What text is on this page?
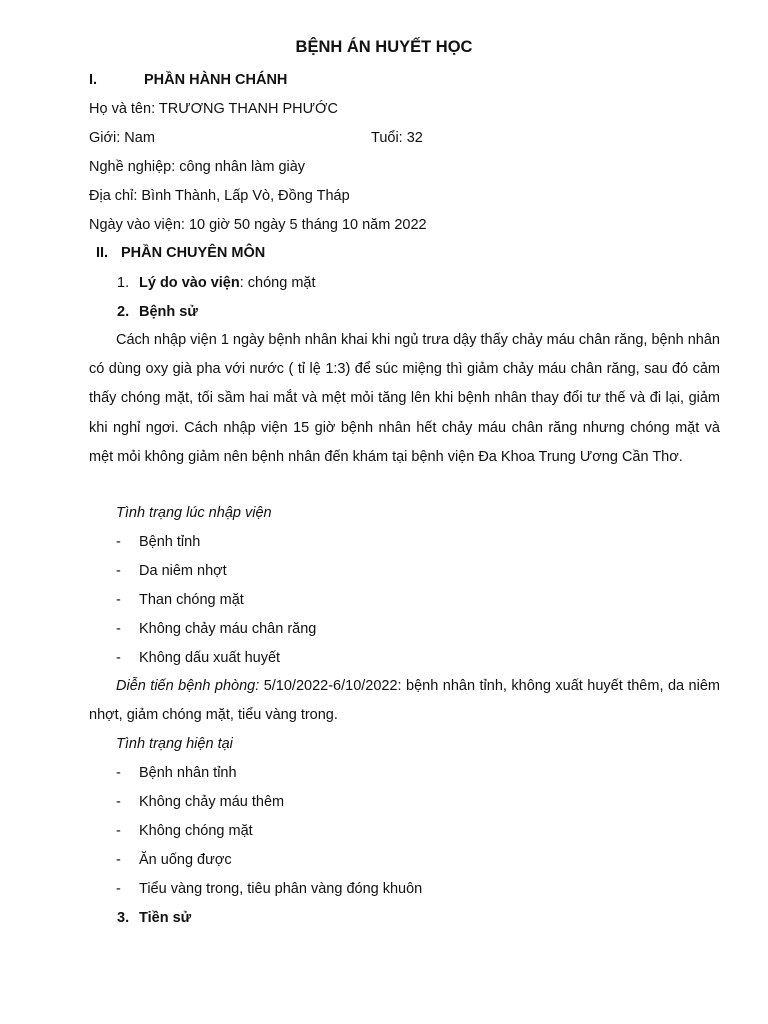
BỆNH ÁN HUYẾT HỌC
I.	PHẦN HÀNH CHÁNH
Họ và tên: TRƯƠNG THANH PHƯỚC
Giới: Nam	Tuổi: 32
Nghề nghiệp: công nhân làm giày
Địa chỉ: Bình Thành, Lấp Vò, Đồng Tháp
Ngày vào viện: 10 giờ 50 ngày 5 tháng 10 năm 2022
II. PHẦN CHUYÊN MÔN
1. Lý do vào viện: chóng mặt
2. Bệnh sử
Cách nhập viện 1 ngày bệnh nhân khai khi ngủ trưa dậy thấy chảy máu chân răng, bệnh nhân có dùng oxy già pha với nước ( tỉ lệ 1:3) để súc miệng thì giảm chảy máu chân răng, sau đó cảm thấy chóng mặt, tối sầm hai mắt và mệt mỏi tăng lên khi bệnh nhân thay đổi tư thế và đi lại, giảm khi nghỉ ngơi. Cách nhập viện 15 giờ bệnh nhân hết chảy máu chân răng nhưng chóng mặt và mệt mỏi không giảm nên bệnh nhân đến khám tại bệnh viện Đa Khoa Trung Ương Cần Thơ.
Tình trạng lúc nhập viện
- Bệnh tỉnh
- Da niêm nhợt
- Than chóng mặt
- Không chảy máu chân răng
- Không dấu xuất huyết
Diễn tiến bệnh phòng: 5/10/2022-6/10/2022: bệnh nhân tỉnh, không xuất huyết thêm, da niêm nhợt, giảm chóng mặt, tiểu vàng trong.
Tình trạng hiện tại
- Bệnh nhân tỉnh
- Không chảy máu thêm
- Không chóng mặt
- Ăn uống được
- Tiểu vàng trong, tiêu phân vàng đóng khuôn
3. Tiền sử
